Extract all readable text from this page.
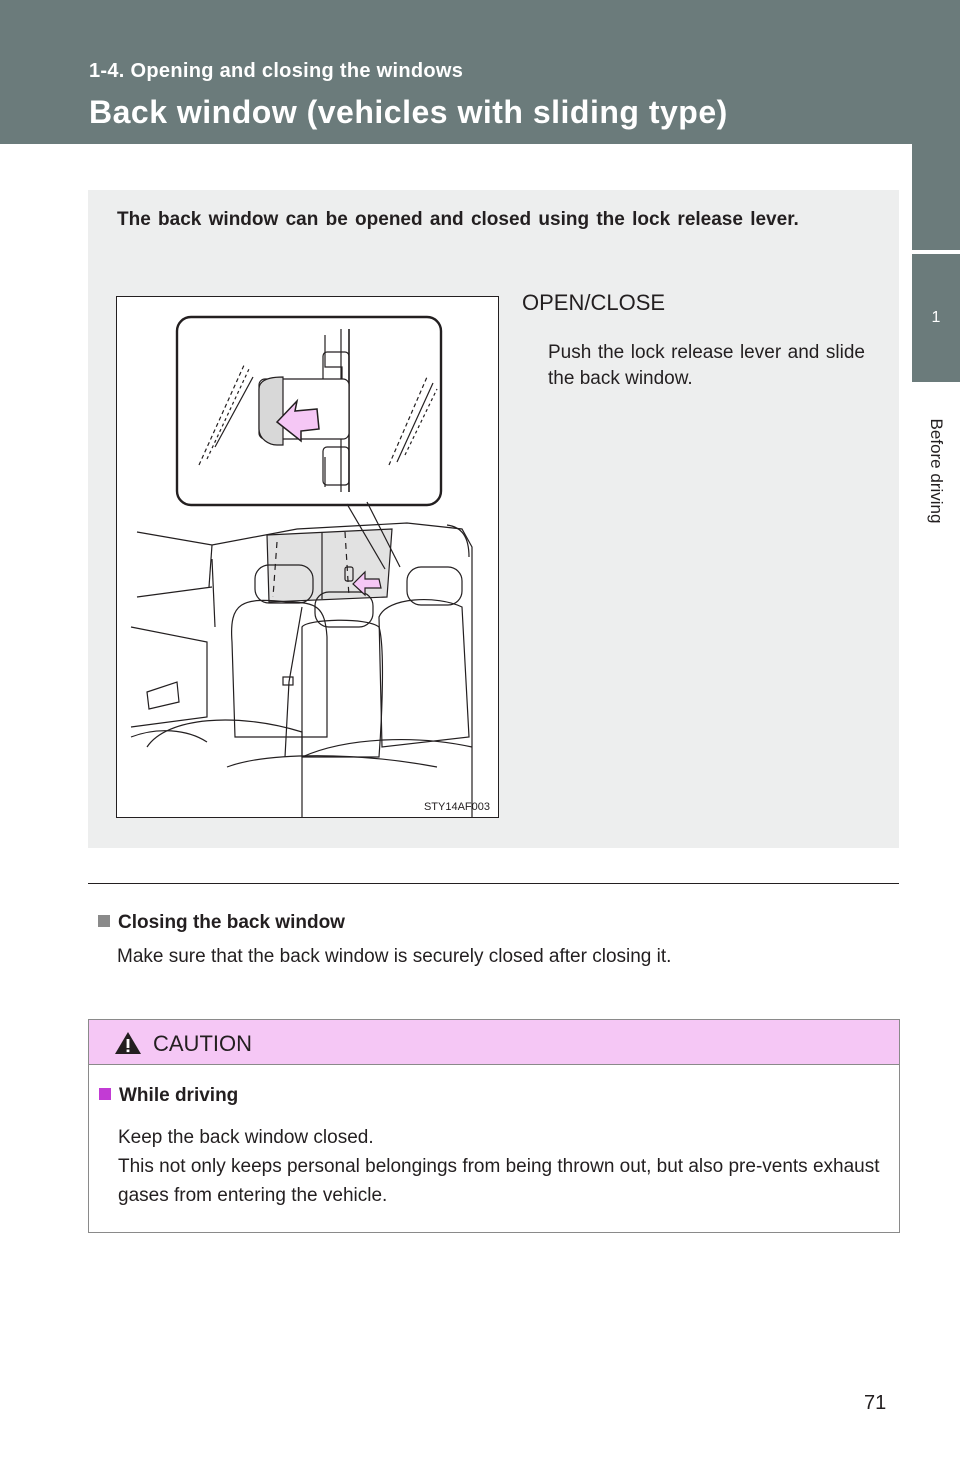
1-4. Opening and closing the windows
Back window (vehicles with sliding type)
1
Before driving
The back window can be opened and closed using the lock release lever.
STY14AF003
OPEN/CLOSE
Push the lock release lever and slide the back window.
Closing the back window
Make sure that the back window is securely closed after closing it.
CAUTION
While driving
Keep the back window closed.
This not only keeps personal belongings from being thrown out, but also pre-vents exhaust gases from entering the vehicle.
71
